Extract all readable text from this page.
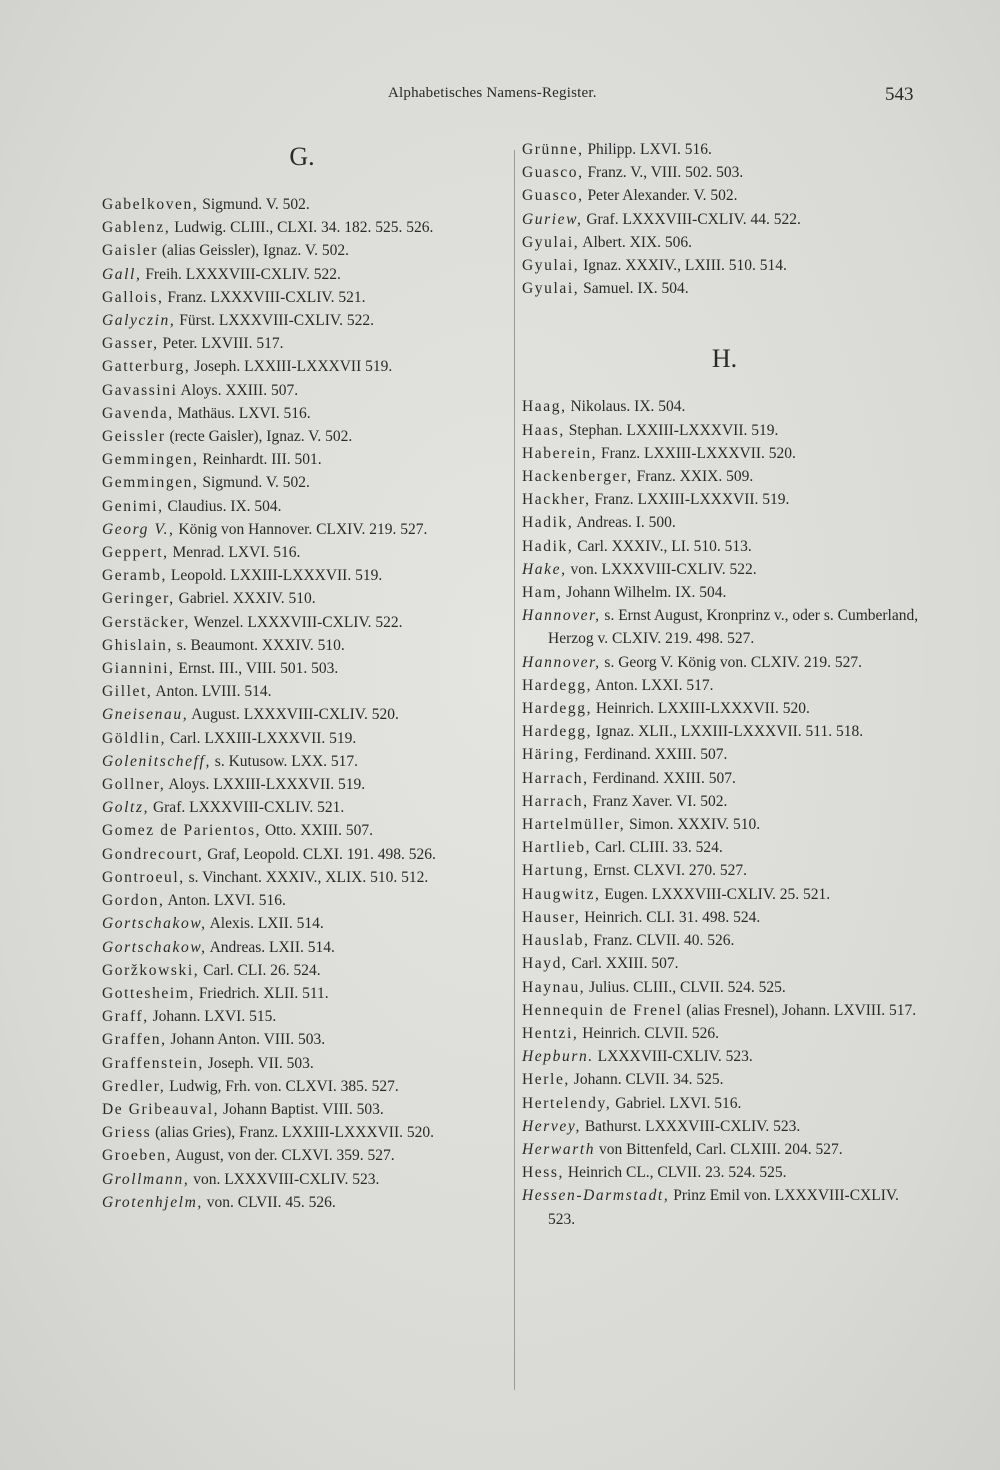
Alphabetisches Namens-Register.	543
G.
Gabelkoven, Sigmund. V. 502.
Gablenz, Ludwig. CLIII., CLXI. 34. 182. 525. 526.
Gaisler (alias Geissler), Ignaz. V. 502.
Gall, Freih. LXXXVIII-CXLIV. 522.
Gallois, Franz. LXXXVIII-CXLIV. 521.
Galyczin, Fürst. LXXXVIII-CXLIV. 522.
Gasser, Peter. LXVIII. 517.
Gatterburg, Joseph. LXXIII-LXXXVII 519.
Gavassini Aloys. XXIII. 507.
Gavenda, Mathäus. LXVI. 516.
Geissler (recte Gaisler), Ignaz. V. 502.
Gemmingen, Reinhardt. III. 501.
Gemmingen, Sigmund. V. 502.
Genimi, Claudius. IX. 504.
Georg V., König von Hannover. CLXIV. 219. 527.
Geppert, Menrad. LXVI. 516.
Geramb, Leopold. LXXIII-LXXXVII. 519.
Geringer, Gabriel. XXXIV. 510.
Gerstäcker, Wenzel. LXXXVIII-CXLIV. 522.
Ghislain, s. Beaumont. XXXIV. 510.
Giannini, Ernst. III., VIII. 501. 503.
Gillet, Anton. LVIII. 514.
Gneisenau, August. LXXXVIII-CXLIV. 520.
Göldlin, Carl. LXXIII-LXXXVII. 519.
Golenitscheff, s. Kutusow. LXX. 517.
Gollner, Aloys. LXXIII-LXXXVII. 519.
Goltz, Graf. LXXXVIII-CXLIV. 521.
Gomez de Parientos, Otto. XXIII. 507.
Gondrecourt, Graf, Leopold. CLXI. 191. 498. 526.
Gontroeul, s. Vinchant. XXXIV., XLIX. 510. 512.
Gordon, Anton. LXVI. 516.
Gortschakow, Alexis. LXII. 514.
Gortschakow, Andreas. LXII. 514.
Goržkowski, Carl. CLI. 26. 524.
Gottesheim, Friedrich. XLII. 511.
Graff, Johann. LXVI. 515.
Graffen, Johann Anton. VIII. 503.
Graffenstein, Joseph. VII. 503.
Gredler, Ludwig, Frh. von. CLXVI. 385. 527.
De Gribeauval, Johann Baptist. VIII. 503.
Griess (alias Gries), Franz. LXXIII-LXXXVII. 520.
Groeben, August, von der. CLXVI. 359. 527.
Grollmann, von. LXXXVIII-CXLIV. 523.
Grotenhjelm, von. CLVII. 45. 526.
Grünne, Philipp. LXVI. 516.
Guasco, Franz. V., VIII. 502. 503.
Guasco, Peter Alexander. V. 502.
Guriew, Graf. LXXXVIII-CXLIV. 44. 522.
Gyulai, Albert. XIX. 506.
Gyulai, Ignaz. XXXIV., LXIII. 510. 514.
Gyulai, Samuel. IX. 504.
H.
Haag, Nikolaus. IX. 504.
Haas, Stephan. LXXIII-LXXXVII. 519.
Haberein, Franz. LXXIII-LXXXVII. 520.
Hackenberger, Franz. XXIX. 509.
Hackher, Franz. LXXIII-LXXXVII. 519.
Hadik, Andreas. I. 500.
Hadik, Carl. XXXIV., LI. 510. 513.
Hake, von. LXXXVIII-CXLIV. 522.
Ham, Johann Wilhelm. IX. 504.
Hannover, s. Ernst August, Kronprinz v., oder s. Cumberland, Herzog v. CLXIV. 219. 498. 527.
Hannover, s. Georg V. König von. CLXIV. 219. 527.
Hardegg, Anton. LXXI. 517.
Hardegg, Heinrich. LXXIII-LXXXVII. 520.
Hardegg, Ignaz. XLII., LXXIII-LXXXVII. 511. 518.
Häring, Ferdinand. XXIII. 507.
Harrach, Ferdinand. XXIII. 507.
Harrach, Franz Xaver. VI. 502.
Hartelmüller, Simon. XXXIV. 510.
Hartlieb, Carl. CLIII. 33. 524.
Hartung, Ernst. CLXVI. 270. 527.
Haugwitz, Eugen. LXXXVIII-CXLIV. 25. 521.
Hauser, Heinrich. CLI. 31. 498. 524.
Hauslab, Franz. CLVII. 40. 526.
Hayd, Carl. XXIII. 507.
Haynau, Julius. CLIII., CLVII. 524. 525.
Hennequin de Frenel (alias Fresnel), Johann. LXVIII. 517.
Hentzi, Heinrich. CLVII. 526.
Hepburn. LXXXVIII-CXLIV. 523.
Herle, Johann. CLVII. 34. 525.
Hertelendy, Gabriel. LXVI. 516.
Hervey, Bathurst. LXXXVIII-CXLIV. 523.
Herwarth von Bittenfeld, Carl. CLXIII. 204. 527.
Hess, Heinrich CL., CLVII. 23. 524. 525.
Hessen-Darmstadt, Prinz Emil von. LXXXVIII-CXLIV. 523.
